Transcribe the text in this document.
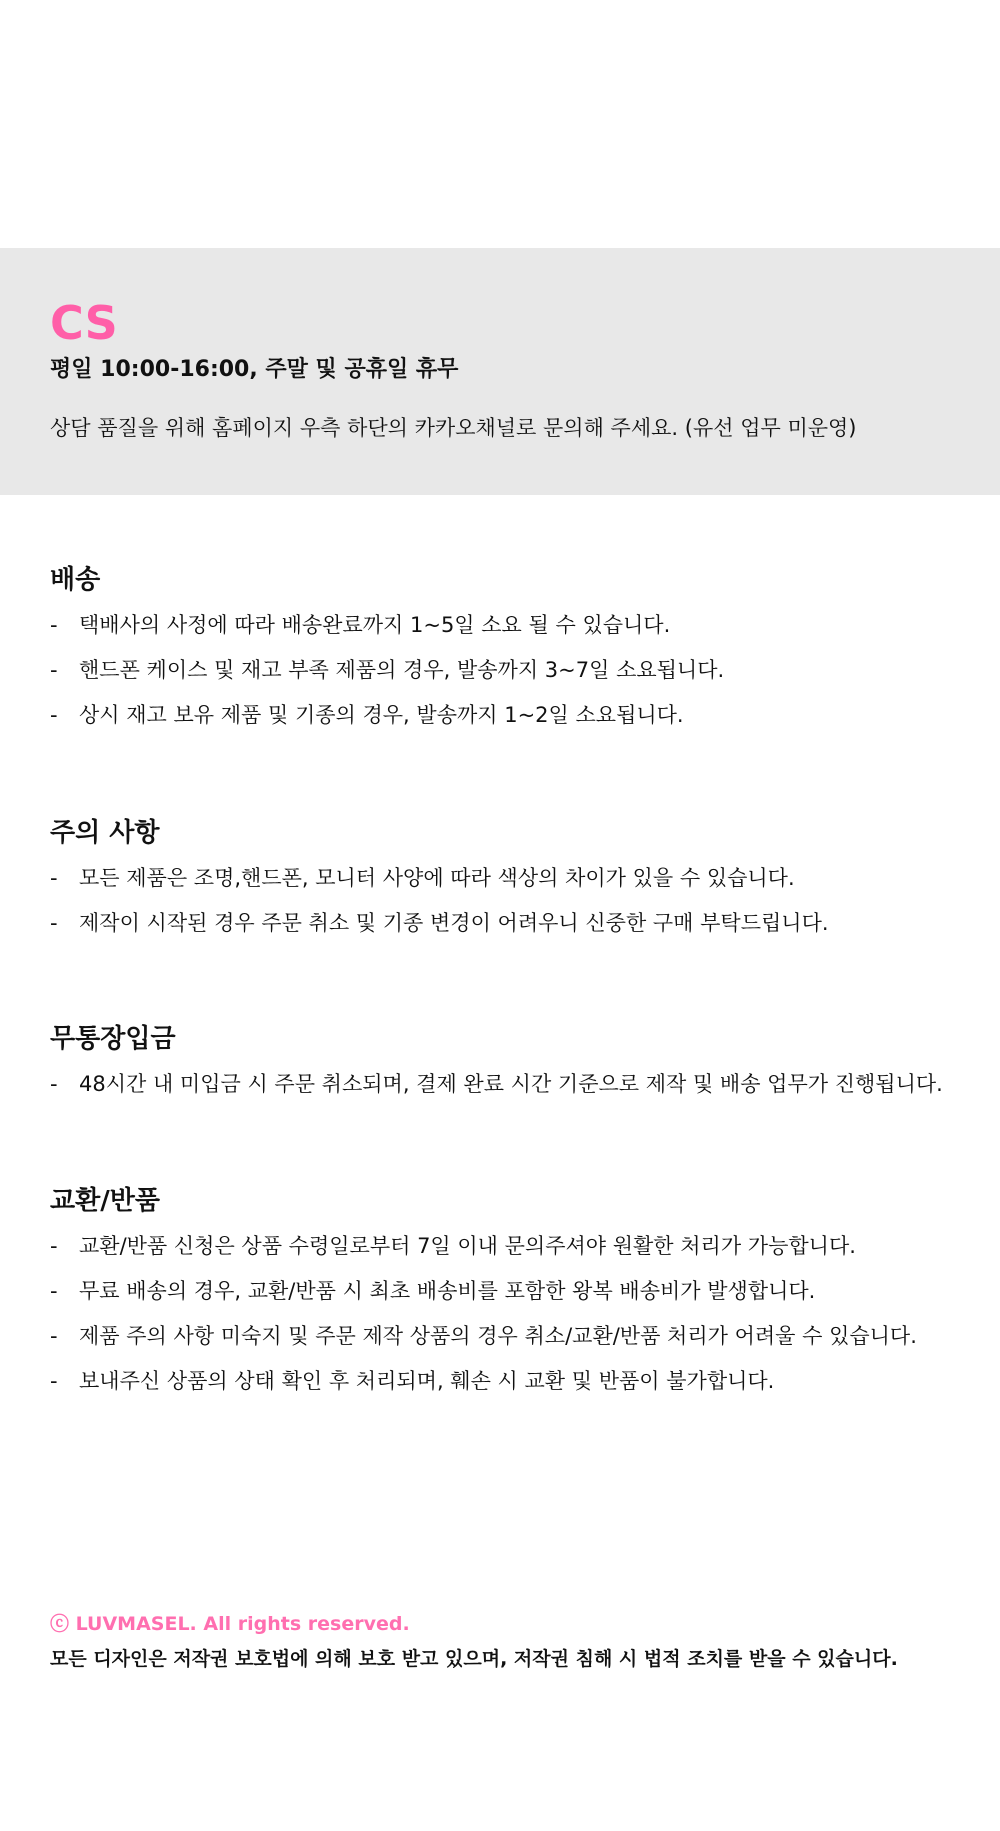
CS

평일 10:00-16:00, 주말 및 공휴일 휴무

상담 품질을 위해 홈페이지 우측 하단의 카카오채널로 문의해 주세요. (유선 업무 미운영)

배송
-	택배사의 사정에 따라 배송완료까지 1~5일 소요 될 수 있습니다.
-	핸드폰 케이스 및 재고 부족 제품의 경우, 발송까지 3~7일 소요됩니다.
-	상시 재고 보유 제품 및 기종의 경우, 발송까지 1~2일 소요됩니다.
주의 사항
-	모든 제품은 조명,핸드폰, 모니터 사양에 따라 색상의 차이가 있을 수 있습니다.
-	제작이 시작된 경우 주문 취소 및 기종 변경이 어려우니 신중한 구매 부탁드립니다.
무통장입금
-	48시간 내 미입금 시 주문 취소되며, 결제 완료 시간 기준으로 제작 및 배송 업무가 진행됩니다.
교환/반품
-	교환/반품 신청은 상품 수령일로부터 7일 이내 문의주셔야 원활한 처리가 가능합니다.
-	무료 배송의 경우, 교환/반품 시 최초 배송비를 포함한 왕복 배송비가 발생합니다.
-	제품 주의 사항 미숙지 및 주문 제작 상품의 경우 취소/교환/반품 처리가 어려울 수 있습니다.
-	보내주신 상품의 상태 확인 후 처리되며, 훼손 시 교환 및 반품이 불가합니다.

ⓒ LUVMASEL. All rights reserved.

모든 디자인은 저작권 보호법에 의해 보호 받고 있으며, 저작권 침해 시 법적 조치를 받을 수 있습니다.
